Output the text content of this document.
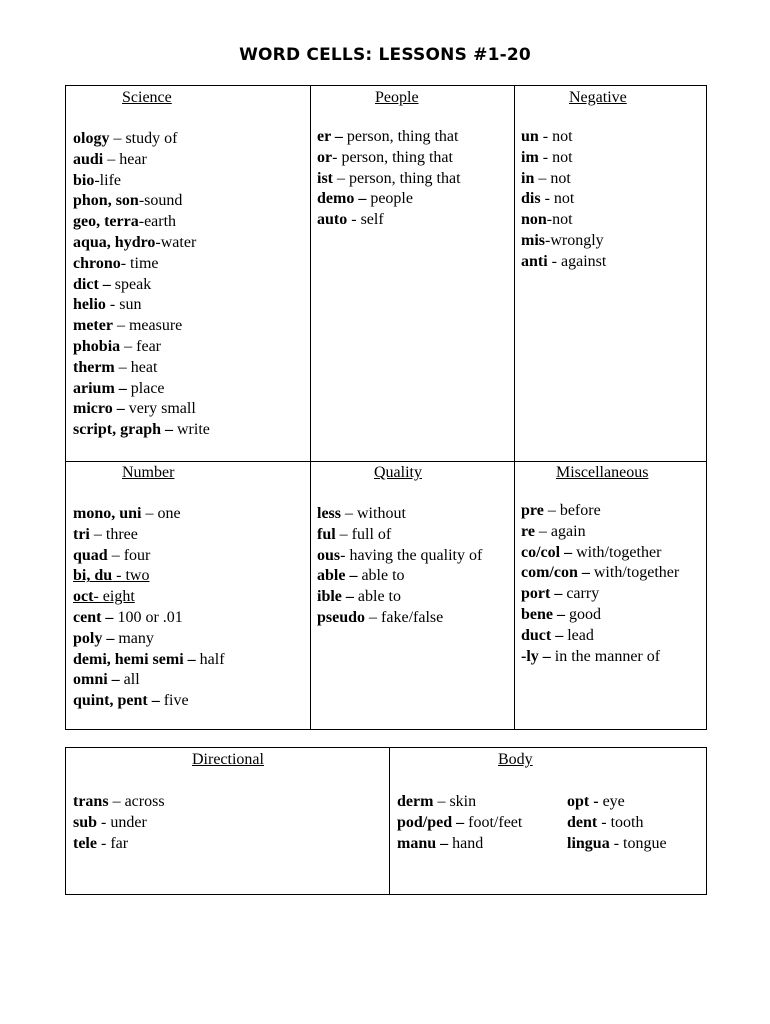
WORD CELLS: LESSONS #1-20
Science
ology – study of
audi – hear
bio-life
phon, son-sound
geo, terra-earth
aqua, hydro-water
chrono- time
dict – speak
helio - sun
meter – measure
phobia – fear
therm – heat
arium – place
micro – very small
script, graph – write
People
er – person, thing that
or- person, thing that
ist – person, thing that
demo – people
auto - self
Negative
un - not
im - not
in – not
dis - not
non-not
mis-wrongly
anti - against
Number
mono, uni – one
tri – three
quad – four
bi, du - two
oct- eight
cent – 100 or .01
poly – many
demi, hemi semi – half
omni – all
quint, pent – five
Quality
less – without
ful – full of
ous- having the quality of
able – able to
ible – able to
pseudo – fake/false
Miscellaneous
pre – before
re – again
co/col – with/together
com/con – with/together
port – carry
bene – good
duct – lead
-ly – in the manner of
Directional
trans – across
sub - under
tele - far
Body
derm – skin
pod/ped – foot/feet
manu – hand
opt - eye
dent - tooth
lingua - tongue
